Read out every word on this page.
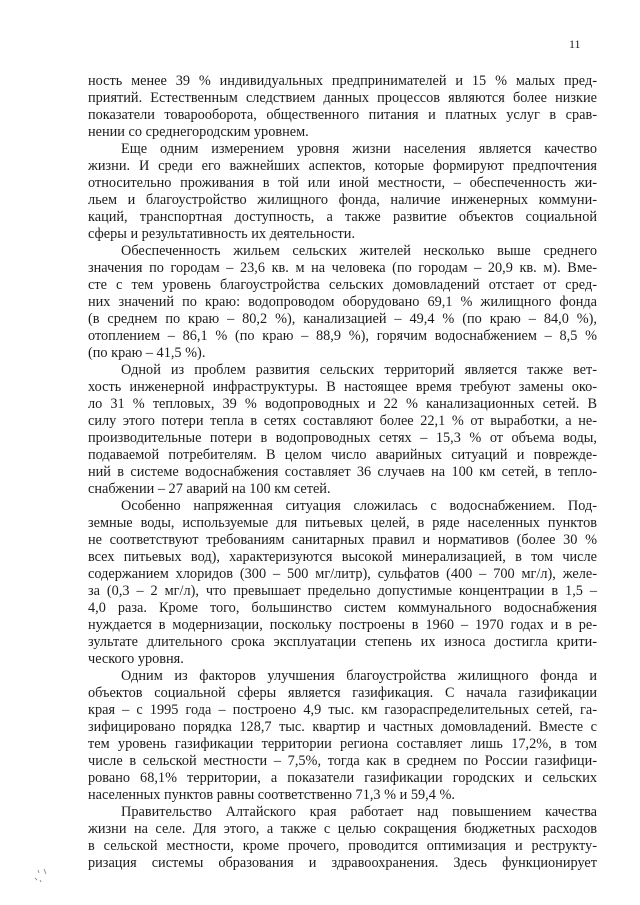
11

ность менее 39 % индивидуальных предпринимателей и 15 % малых пред-
приятий. Естественным следствием данных процессов являются более низкие
показатели товарооборота, общественного питания и платных услуг в срав-
нении со среднегородским уровнем.

Еще одним измерением уровня жизни населения является качество
жизни. И среди его важнейших аспектов, которые формируют предпочтения
относительно проживания в той или иной местности, – обеспеченность жи-
льем и благоустройство жилищного фонда, наличие инженерных коммуни-
каций, транспортная доступность, а также развитие объектов социальной
сферы и результативность их деятельности.

Обеспеченность жильем сельских жителей несколько выше среднего
значения по городам – 23,6 кв. м на человека (по городам – 20,9 кв. м). Вме-
сте с тем уровень благоустройства сельских домовладений отстает от сред-
них значений по краю: водопроводом оборудовано 69,1 % жилищного фонда
(в среднем по краю – 80,2 %), канализацией – 49,4 % (по краю – 84,0 %),
отоплением – 86,1 % (по краю – 88,9 %), горячим водоснабжением – 8,5 %
(по краю – 41,5 %).

Одной из проблем развития сельских территорий является также вет-
хость инженерной инфраструктуры. В настоящее время требуют замены око-
ло 31 % тепловых, 39 % водопроводных и 22 % канализационных сетей. В
силу этого потери тепла в сетях составляют более 22,1 % от выработки, а не-
производительные потери в водопроводных сетях – 15,3 % от объема воды,
подаваемой потребителям. В целом число аварийных ситуаций и поврежде-
ний в системе водоснабжения составляет 36 случаев на 100 км сетей, в тепло-
снабжении – 27 аварий на 100 км сетей.

Особенно напряженная ситуация сложилась с водоснабжением. Под-
земные воды, используемые для питьевых целей, в ряде населенных пунктов
не соответствуют требованиям санитарных правил и нормативов (более 30 %
всех питьевых вод), характеризуются высокой минерализацией, в том числе
содержанием хлоридов (300 – 500 мг/литр), сульфатов (400 – 700 мг/л), желе-
за (0,3 – 2 мг/л), что превышает предельно допустимые концентрации в 1,5 –
4,0 раза. Кроме того, большинство систем коммунального водоснабжения
нуждается в модернизации, поскольку построены в 1960 – 1970 годах и в ре-
зультате длительного срока эксплуатации степень их износа достигла крити-
ческого уровня.

Одним из факторов улучшения благоустройства жилищного фонда и
объектов социальной сферы является газификация. С начала газификации
края – с 1995 года – построено 4,9 тыс. км газораспределительных сетей, га-
зифицировано порядка 128,7 тыс. квартир и частных домовладений. Вместе с
тем уровень газификации территории региона составляет лишь 17,2%, в том
числе в сельской местности – 7,5%, тогда как в среднем по России газифици-
ровано 68,1% территории, а показатели газификации городских и сельских
населенных пунктов равны соответственно 71,3 % и 59,4 %.

Правительство Алтайского края работает над повышением качества
жизни на селе. Для этого, а также с целью сокращения бюджетных расходов
в сельской местности, кроме прочего, проводится оптимизация и реструкту-
ризация системы образования и здравоохранения. Здесь функционирует
